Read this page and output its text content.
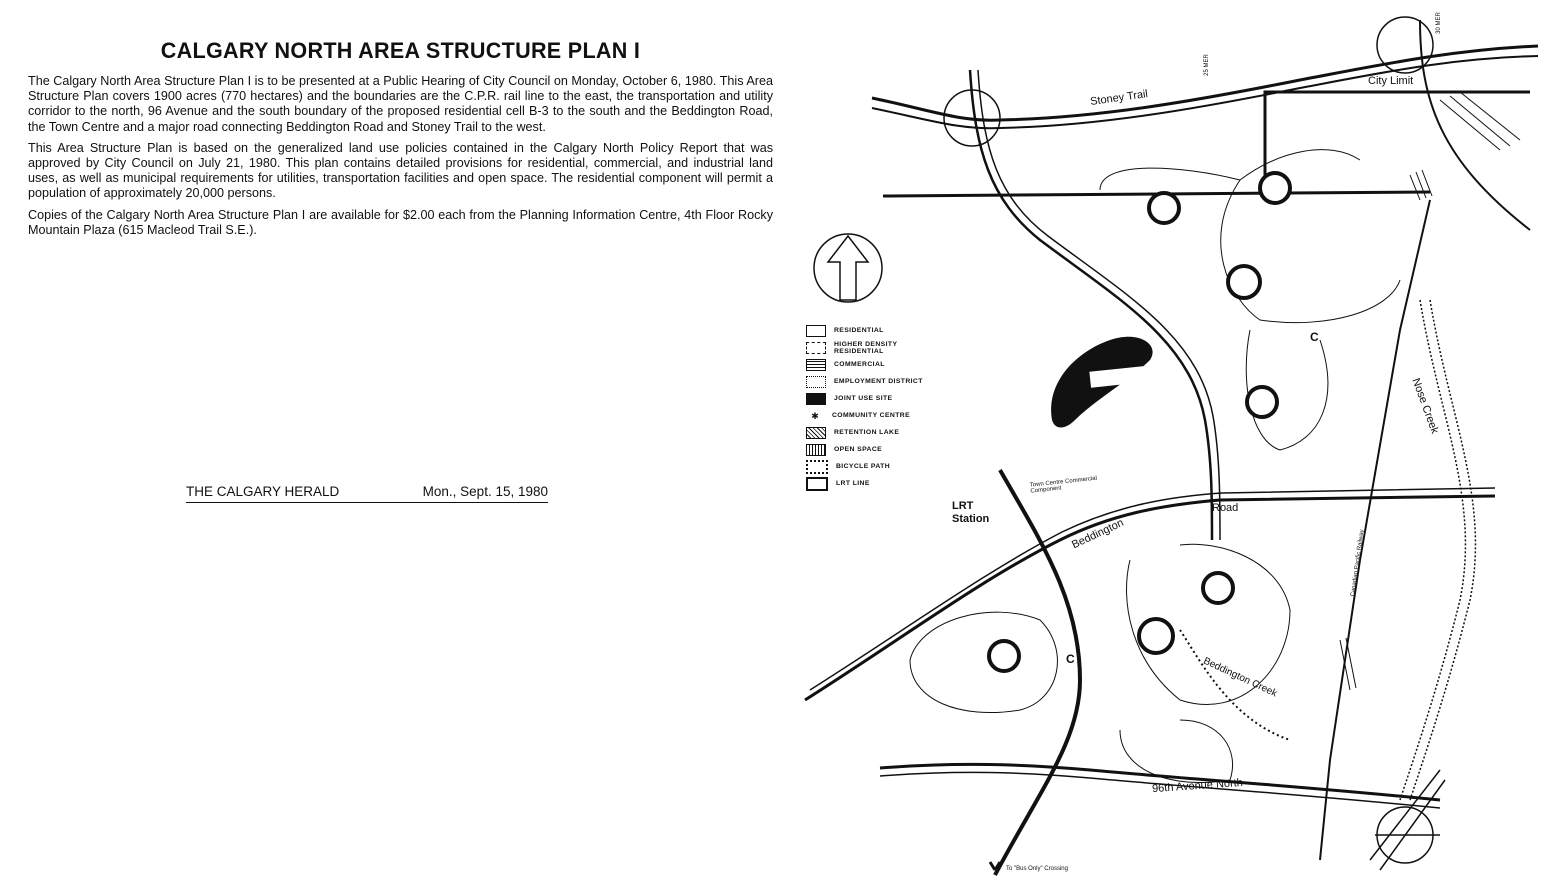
CALGARY NORTH AREA STRUCTURE PLAN I

The Calgary North Area Structure Plan I is to be presented at a Public Hearing of City Council on Monday, October 6, 1980. This Area Structure Plan covers 1900 acres (770 hectares) and the boundaries are the C.P.R. rail line to the east, the transportation and utility corridor to the north, 96 Avenue and the south boundary of the proposed residential cell B-3 to the south and the Beddington Road, the Town Centre and a major road connecting Beddington Road and Stoney Trail to the west.

This Area Structure Plan is based on the generalized land use policies contained in the Calgary North Policy Report that was approved by City Council on July 21, 1980. This plan contains detailed provisions for residential, commercial, and industrial land uses, as well as municipal requirements for utilities, transportation facilities and open space. The residential component will permit a population of approximately 20,000 persons.

Copies of the Calgary North Area Structure Plan I are available for $2.00 each from the Planning Information Centre, 4th Floor Rocky Mountain Plaza (615 Macleod Trail S.E.).

THE CALGARY HERALD	Mon., Sept. 15, 1980
RESIDENTIAL
HIGHER DENSITY RESIDENTIAL
COMMERCIAL
EMPLOYMENT DISTRICT
JOINT USE SITE
✱	COMMUNITY CENTRE
RETENTION LAKE
OPEN SPACE
BICYCLE PATH
LRT LINE
Stoney Trail
City Limit
25 MER
30 MER
LRT Station
Town Centre Commercial Component
Beddington
Road
C
C
Nose Creek
Canadian Pacific Railway
96th Avenue North
Beddington Creek
To "Bus Only" Crossing
